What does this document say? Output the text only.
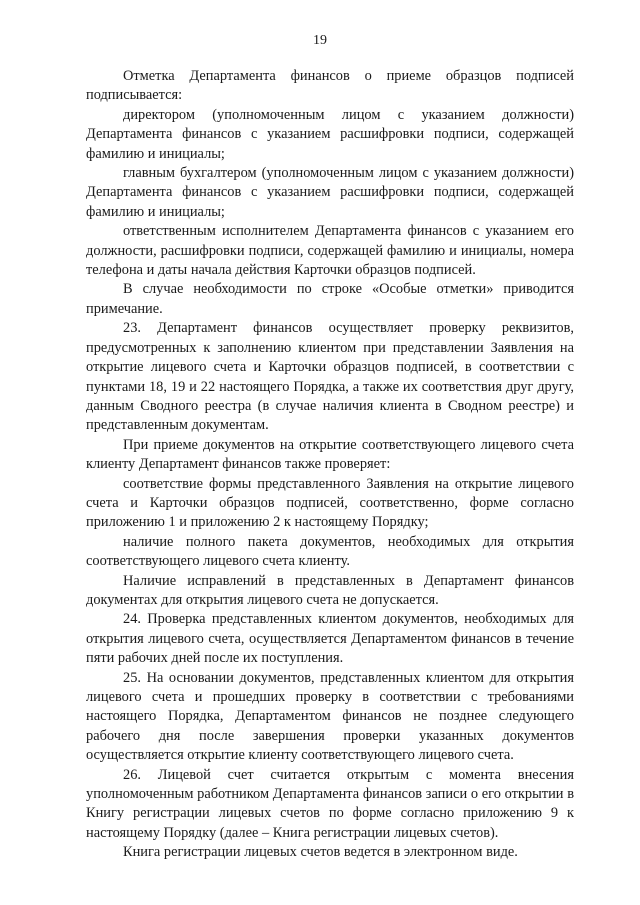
19

Отметка Департамента финансов о приеме образцов подписей подписывается:

директором (уполномоченным лицом с указанием должности) Департамента финансов с указанием расшифровки подписи, содержащей фамилию и инициалы;

главным бухгалтером (уполномоченным лицом с указанием должности) Департамента финансов с указанием расшифровки подписи, содержащей фамилию и инициалы;

ответственным исполнителем Департамента финансов с указанием его должности, расшифровки подписи, содержащей фамилию и инициалы, номера телефона и даты начала действия Карточки образцов подписей.

В случае необходимости по строке «Особые отметки» приводится примечание.

23. Департамент финансов осуществляет проверку реквизитов, предусмотренных к заполнению клиентом при представлении Заявления на открытие лицевого счета и Карточки образцов подписей, в соответствии с пунктами 18, 19 и 22 настоящего Порядка, а также их соответствия друг другу, данным Сводного реестра (в случае наличия клиента в Сводном реестре) и представленным документам.

При приеме документов на открытие соответствующего лицевого счета клиенту Департамент финансов также проверяет:

соответствие формы представленного Заявления на открытие лицевого счета и Карточки образцов подписей, соответственно, форме согласно приложению 1 и приложению 2 к настоящему Порядку;

наличие полного пакета документов, необходимых для открытия соответствующего лицевого счета клиенту.

Наличие исправлений в представленных в Департамент финансов документах для открытия лицевого счета не допускается.

24. Проверка представленных клиентом документов, необходимых для открытия лицевого счета, осуществляется Департаментом финансов в течение пяти рабочих дней после их поступления.

25. На основании документов, представленных клиентом для открытия лицевого счета и прошедших проверку в соответствии с требованиями настоящего Порядка, Департаментом финансов не позднее следующего рабочего дня после завершения проверки указанных документов осуществляется открытие клиенту соответствующего лицевого счета.

26. Лицевой счет считается открытым с момента внесения уполномоченным работником Департамента финансов записи о его открытии в Книгу регистрации лицевых счетов по форме согласно приложению 9 к настоящему Порядку (далее – Книга регистрации лицевых счетов).

Книга регистрации лицевых счетов ведется в электронном виде.
